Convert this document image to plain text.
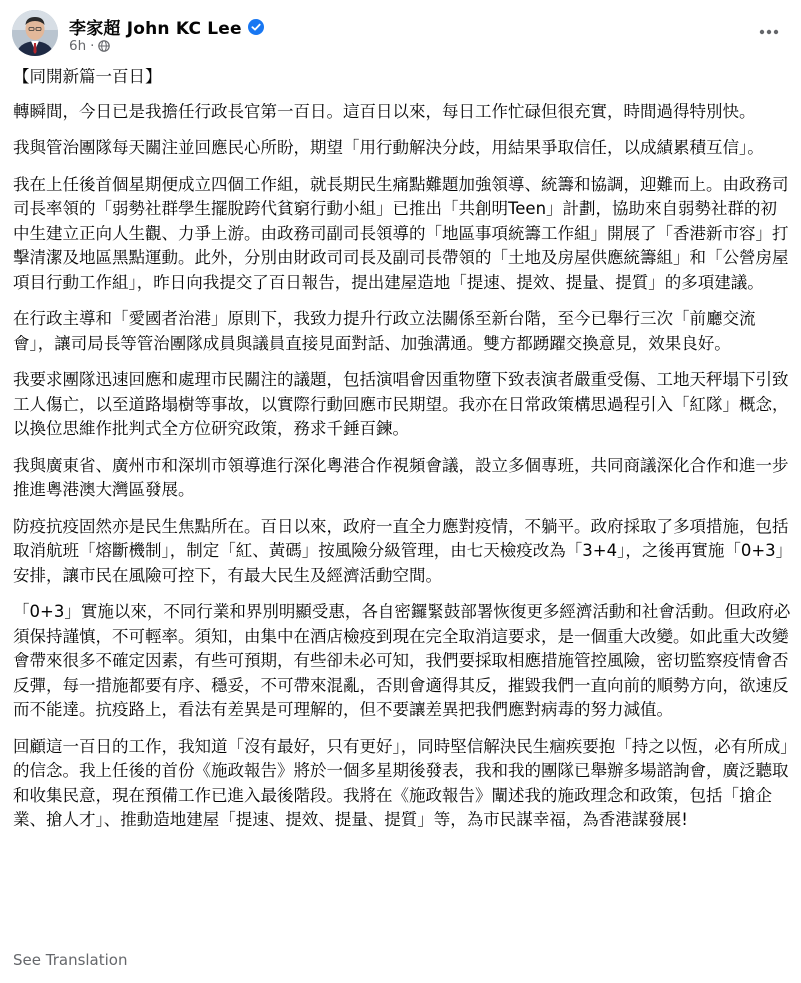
李家超 John KC Lee
6h ·

【同開新篇一百日】

轉瞬間，今日已是我擔任行政長官第一百日。這百日以來，每日工作忙碌但很充實，時間過得特別快。

我與管治團隊每天關注並回應民心所盼，期望「用行動解決分歧，用結果爭取信任，以成績累積互信」。

我在上任後首個星期便成立四個工作組，就長期民生痛點難題加強領導、統籌和協調，迎難而上。由政務司司長率領的「弱勢社群學生擺脫跨代貧窮行動小組」已推出「共創明Teen」計劃，協助來自弱勢社群的初中生建立正向人生觀、力爭上游。由政務司副司長領導的「地區事項統籌工作組」開展了「香港新市容」打擊清潔及地區黑點運動。此外，分別由財政司司長及副司長帶領的「土地及房屋供應統籌組」和「公營房屋項目行動工作組」，昨日向我提交了百日報告，提出建屋造地「提速、提效、提量、提質」的多項建議。

在行政主導和「愛國者治港」原則下，我致力提升行政立法關係至新台階，至今已舉行三次「前廳交流會」，讓司局長等管治團隊成員與議員直接見面對話、加強溝通。雙方都踴躍交換意見，效果良好。

我要求團隊迅速回應和處理市民關注的議題，包括演唱會因重物墮下致表演者嚴重受傷、工地天秤塌下引致工人傷亡，以至道路塌樹等事故，以實際行動回應市民期望。我亦在日常政策構思過程引入「紅隊」概念，以換位思維作批判式全方位研究政策，務求千錘百鍊。

我與廣東省、廣州市和深圳市領導進行深化粵港合作視頻會議，設立多個專班，共同商議深化合作和進一步推進粵港澳大灣區發展。

防疫抗疫固然亦是民生焦點所在。百日以來，政府一直全力應對疫情，不躺平。政府採取了多項措施，包括取消航班「熔斷機制」，制定「紅、黃碼」按風險分級管理，由七天檢疫改為「3+4」，之後再實施「0+3」安排，讓市民在風險可控下，有最大民生及經濟活動空間。

「0+3」實施以來，不同行業和界別明顯受惠，各自密鑼緊鼓部署恢復更多經濟活動和社會活動。但政府必須保持謹慎，不可輕率。須知，由集中在酒店檢疫到現在完全取消這要求，是一個重大改變。如此重大改變會帶來很多不確定因素，有些可預期，有些卻未必可知，我們要採取相應措施管控風險，密切監察疫情會否反彈，每一措施都要有序、穩妥，不可帶來混亂，否則會適得其反，摧毀我們一直向前的順勢方向，欲速反而不能達。抗疫路上，看法有差異是可理解的，但不要讓差異把我們應對病毒的努力減值。

回顧這一百日的工作，我知道「沒有最好，只有更好」，同時堅信解決民生痼疾要抱「持之以恆，必有所成」的信念。我上任後的首份《施政報告》將於一個多星期後發表，我和我的團隊已舉辦多場諮詢會，廣泛聽取和收集民意，現在預備工作已進入最後階段。我將在《施政報告》闡述我的施政理念和政策，包括「搶企業、搶人才」、推動造地建屋「提速、提效、提量、提質」等，為市民謀幸福，為香港謀發展!

See Translation
